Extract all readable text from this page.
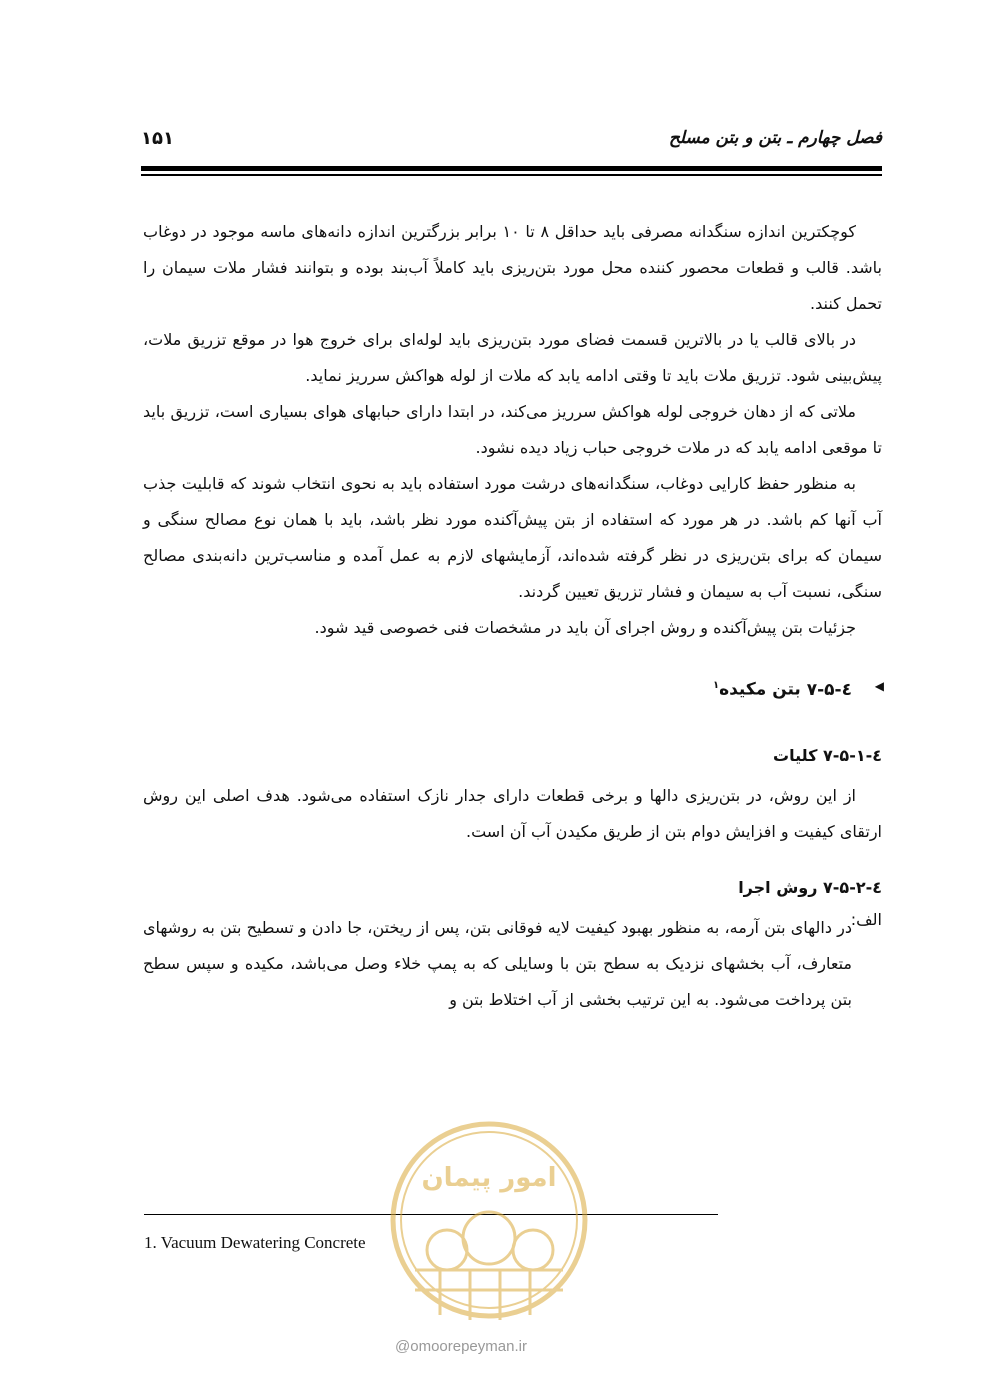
فصل چهارم ـ بتن و بتن مسلح
۱۵۱

کوچکترین اندازه سنگدانه مصرفی باید حداقل ۸ تا ۱۰ برابر بزرگترین اندازه دانه‌های ماسه موجود در دوغاب باشد. قالب و قطعات محصور کننده محل مورد بتن‌ریزی باید کاملاً آب‌بند بوده و بتوانند فشار ملات سیمان را تحمل کنند.

در بالای قالب یا در بالاترین قسمت فضای مورد بتن‌ریزی باید لوله‌ای برای خروج هوا در موقع تزریق ملات، پیش‌بینی شود. تزریق ملات باید تا وقتی ادامه یابد که ملات از لوله هواکش سرریز نماید.

ملاتی که از دهان خروجی لوله هواکش سرریز می‌کند، در ابتدا دارای حبابهای هوای بسیاری است، تزریق باید تا موقعی ادامه یابد که در ملات خروجی حباب زیاد دیده نشود.

به منظور حفظ کارایی دوغاب، سنگدانه‌های درشت مورد استفاده باید به نحوی انتخاب شوند که قابلیت جذب آب آنها کم باشد. در هر مورد که استفاده از بتن پیش‌آکنده مورد نظر باشد، باید با همان نوع مصالح سنگی و سیمان که برای بتن‌ریزی در نظر گرفته شده‌اند، آزمایشهای لازم به عمل آمده و مناسب‌ترین دانه‌بندی مصالح سنگی، نسبت آب به سیمان و فشار تزریق تعیین گردند.

جزئیات بتن پیش‌آکنده و روش اجرای آن باید در مشخصات فنی خصوصی قید شود.

◀
٤-۷-۵ بتن مکیده$^۱$
٤-۷-۵-۱ کلیات

از این روش، در بتن‌ریزی دالها و برخی قطعات دارای جدار نازک استفاده می‌شود. هدف اصلی این روش ارتقای کیفیت و افزایش دوام بتن از طریق مکیدن آب آن است.

٤-۷-۵-۲ روش اجرا
الف:

در دالهای بتن آرمه، به منظور بهبود کیفیت لایه فوقانی بتن، پس از ریختن، جا دادن و تسطیح بتن به روشهای متعارف، آب بخشهای نزدیک به سطح بتن با وسایلی که به پمپ خلاء وصل می‌باشد، مکیده و سپس سطح بتن پرداخت می‌شود. به این ترتیب بخشی از آب اختلاط بتن و

1. Vacuum Dewatering Concrete
امور پیمان
@omoorepeyman.ir
